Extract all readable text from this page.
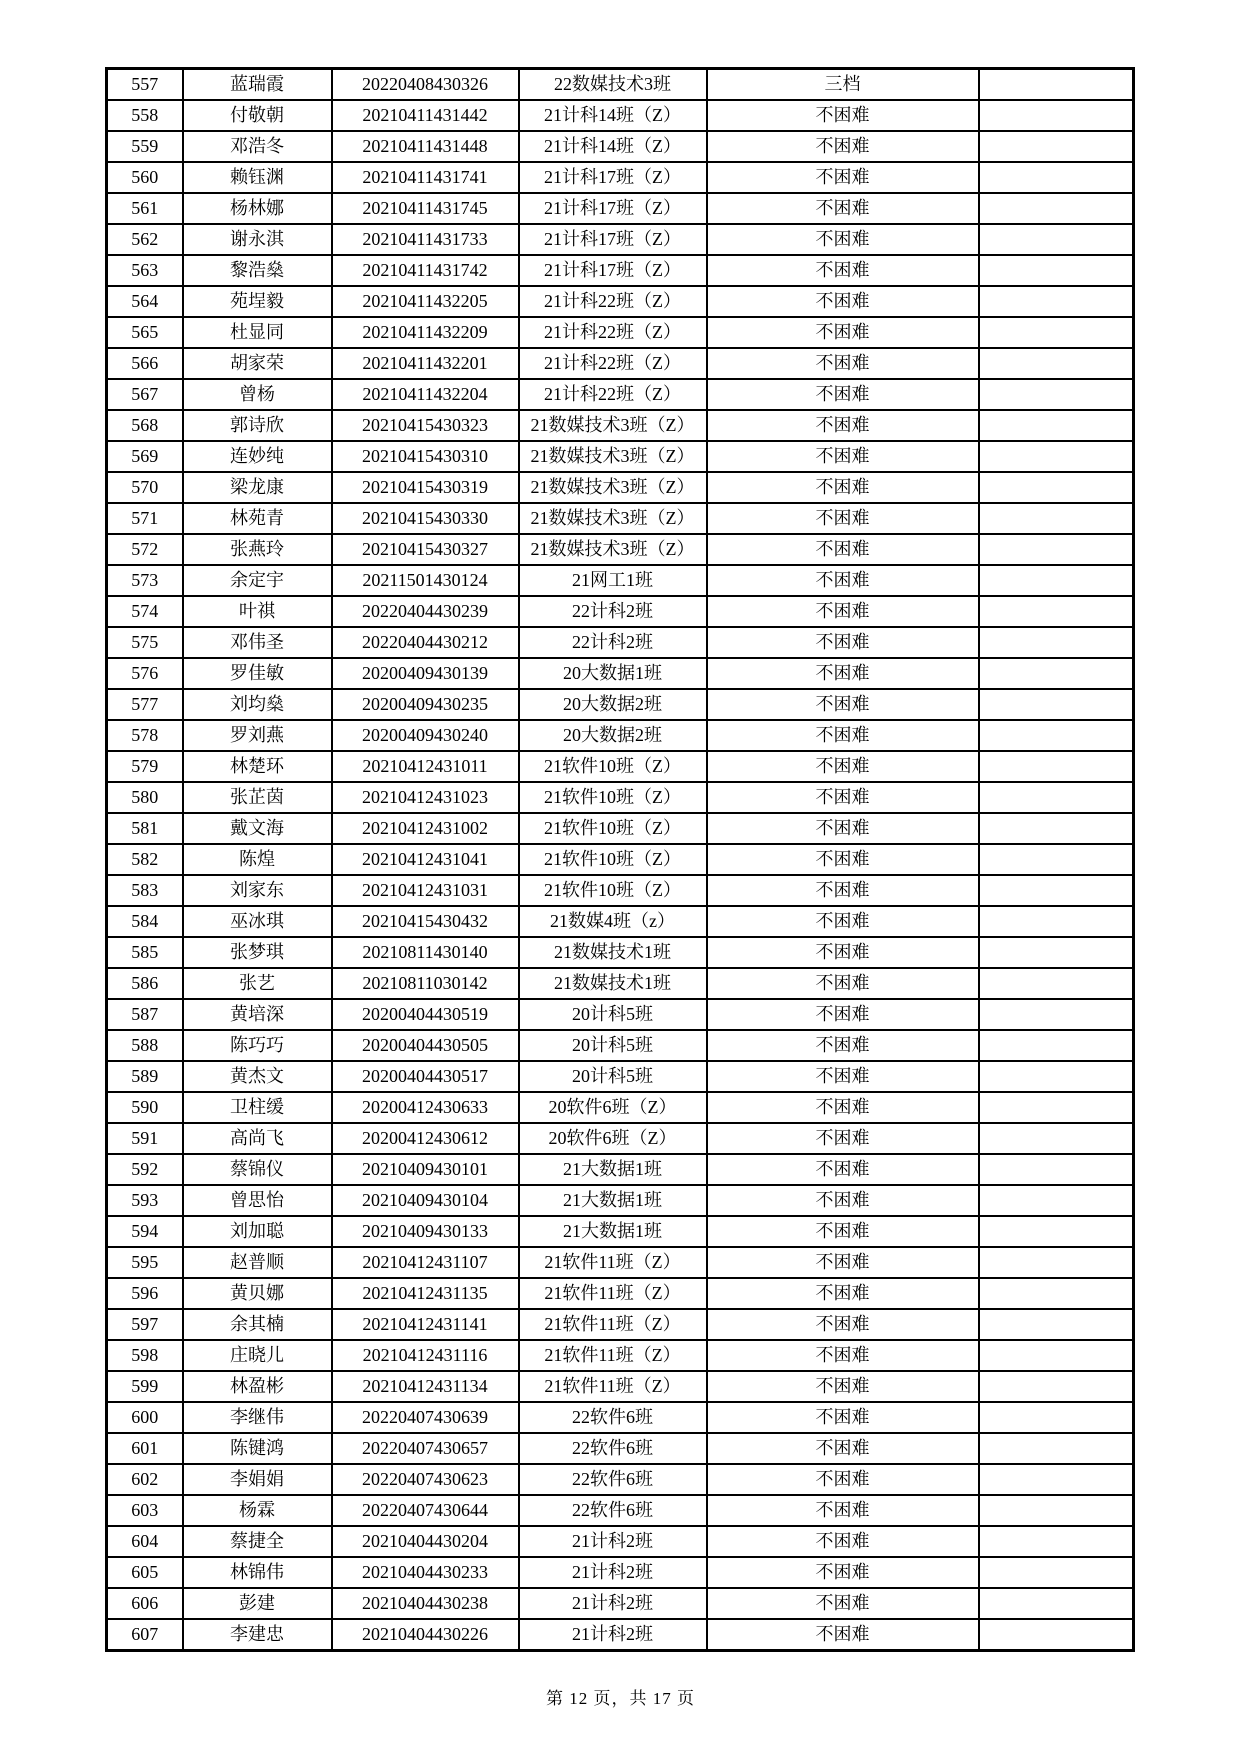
557	蓝瑞霞	20220408430326	22数媒技术3班	三档	
558	付敬朝	20210411431442	21计科14班（Z）	不困难	
559	邓浩冬	20210411431448	21计科14班（Z）	不困难	
560	赖钰渊	20210411431741	21计科17班（Z）	不困难	
561	杨林娜	20210411431745	21计科17班（Z）	不困难	
562	谢永淇	20210411431733	21计科17班（Z）	不困难	
563	黎浩燊	20210411431742	21计科17班（Z）	不困难	
564	苑埕毅	20210411432205	21计科22班（Z）	不困难	
565	杜显同	20210411432209	21计科22班（Z）	不困难	
566	胡家荣	20210411432201	21计科22班（Z）	不困难	
567	曾杨	20210411432204	21计科22班（Z）	不困难	
568	郭诗欣	20210415430323	21数媒技术3班（Z）	不困难	
569	连妙纯	20210415430310	21数媒技术3班（Z）	不困难	
570	梁龙康	20210415430319	21数媒技术3班（Z）	不困难	
571	林苑青	20210415430330	21数媒技术3班（Z）	不困难	
572	张燕玲	20210415430327	21数媒技术3班（Z）	不困难	
573	余定宇	20211501430124	21网工1班	不困难	
574	叶祺	20220404430239	22计科2班	不困难	
575	邓伟圣	20220404430212	22计科2班	不困难	
576	罗佳敏	20200409430139	20大数据1班	不困难	
577	刘均燊	20200409430235	20大数据2班	不困难	
578	罗刘燕	20200409430240	20大数据2班	不困难	
579	林楚环	20210412431011	21软件10班（Z）	不困难	
580	张芷茵	20210412431023	21软件10班（Z）	不困难	
581	戴文海	20210412431002	21软件10班（Z）	不困难	
582	陈煌	20210412431041	21软件10班（Z）	不困难	
583	刘家东	20210412431031	21软件10班（Z）	不困难	
584	巫冰琪	20210415430432	21数媒4班（z）	不困难	
585	张梦琪	20210811430140	21数媒技术1班	不困难	
586	张艺	20210811030142	21数媒技术1班	不困难	
587	黄培深	20200404430519	20计科5班	不困难	
588	陈巧巧	20200404430505	20计科5班	不困难	
589	黄杰文	20200404430517	20计科5班	不困难	
590	卫柱缓	20200412430633	20软件6班（Z）	不困难	
591	高尚飞	20200412430612	20软件6班（Z）	不困难	
592	蔡锦仪	20210409430101	21大数据1班	不困难	
593	曾思怡	20210409430104	21大数据1班	不困难	
594	刘加聪	20210409430133	21大数据1班	不困难	
595	赵普顺	20210412431107	21软件11班（Z）	不困难	
596	黄贝娜	20210412431135	21软件11班（Z）	不困难	
597	余其楠	20210412431141	21软件11班（Z）	不困难	
598	庄晓儿	20210412431116	21软件11班（Z）	不困难	
599	林盈彬	20210412431134	21软件11班（Z）	不困难	
600	李继伟	20220407430639	22软件6班	不困难	
601	陈键鸿	20220407430657	22软件6班	不困难	
602	李娟娟	20220407430623	22软件6班	不困难	
603	杨霖	20220407430644	22软件6班	不困难	
604	蔡捷全	20210404430204	21计科2班	不困难	
605	林锦伟	20210404430233	21计科2班	不困难	
606	彭建	20210404430238	21计科2班	不困难	
607	李建忠	20210404430226	21计科2班	不困难	
第 12 页，共 17 页
